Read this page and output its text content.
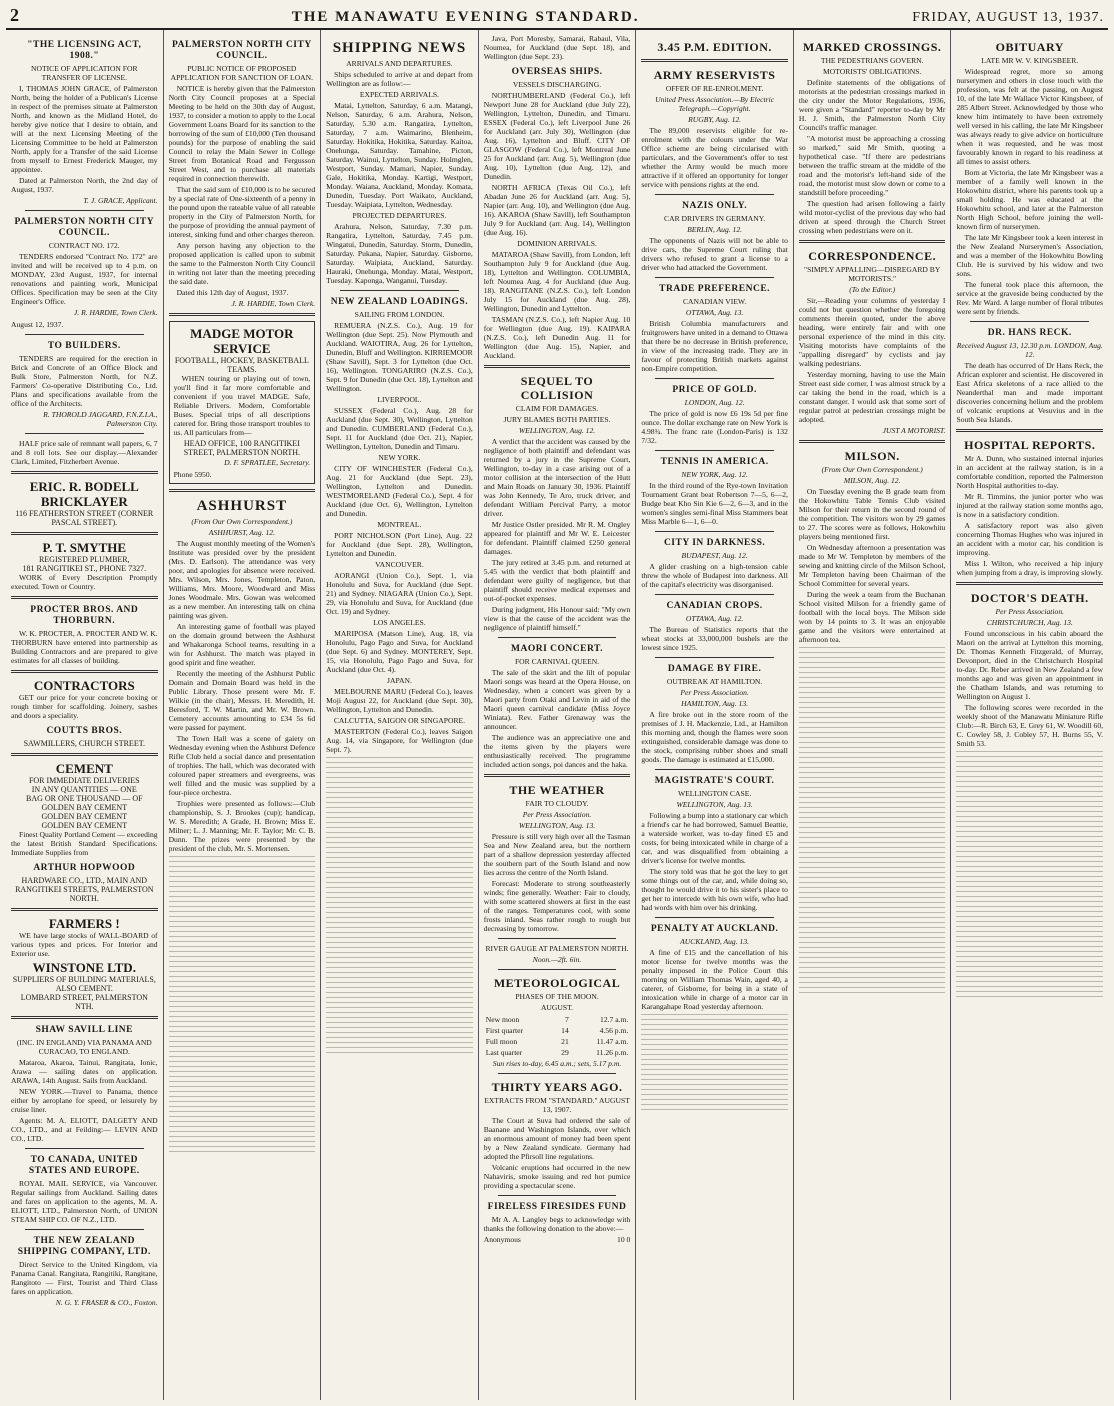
2	THE MANAWATU EVENING STANDARD.	FRIDAY, AUGUST 13, 1937.
"THE LICENSING ACT, 1908."
NOTICE OF APPLICATION FOR TRANSFER OF LICENSE.

I, THOMAS JOHN GRACE, of Palmerston North, being the holder of a Publican's License in respect of the premises situate at Palmerston North, and known as the Midland Hotel, do hereby give notice that I desire to obtain, and will at the next Licensing Meeting of the Licensing Committee to be held at Palmerston North, apply for a Transfer of the said License from myself to Ernest Frederick Mauger, my appointee.

Dated at Palmerston North, the 2nd day of August, 1937.

T. J. GRACE, Applicant.
PALMERSTON NORTH CITY COUNCIL.
CONTRACT NO. 172.

TENDERS endorsed "Contract No. 172" are invited and will be received up to 4 p.m. on MONDAY, 23rd August, 1937, for internal renovations and painting work, Municipal Offices. Specification may be seen at the City Engineer's Office.

J. R. HARDIE, Town Clerk.
August 12, 1937.
TO BUILDERS.

TENDERS are required for the erection in Brick and Concrete of an Office Block and Bulk Store, Palmerston North, for N.Z. Farmers' Co-operative Distributing Co., Ltd. Plans and specifications available from the office of the Architects.

R. THOROLD JAGGARD, F.N.Z.I.A., Palmerston City.

HALF price sale of remnant wall papers, 6, 7 and 8 roll lots. See our display.—Alexander Clark, Limited, Fitzherbert Avenue.

ERIC. R. BODELL
BRICKLAYER
116 FEATHERSTON STREET (CORNER PASCAL STREET).
P. T. SMYTHE
REGISTERED PLUMBER,
181 RANGITIKEI ST., PHONE 7327.

WORK of Every Description Promptly executed. Town or Country.

PROCTER BROS. AND THORBURN.

W. K. PROCTER, A. PROCTER AND W. K. THORBURN have entered into partnership as Building Contractors and are prepared to give estimates for all classes of building.

CONTRACTORS

GET our price for your concrete boxing or rough timber for scaffolding. Joinery, sashes and doors a speciality.

COUTTS BROS.
SAWMILLERS, CHURCH STREET.
CEMENT
FOR IMMEDIATE DELIVERIES
IN ANY QUANTITIES — ONE
BAG OR ONE THOUSAND — OF
GOLDEN BAY CEMENT
GOLDEN BAY CEMENT
GOLDEN BAY CEMENT

Finest Quality Portland Cement — exceeding the latest British Standard Specifications. Immediate Supplies from

ARTHUR HOPWOOD
HARDWARE CO., LTD., MAIN AND RANGITIKEI STREETS, PALMERSTON NORTH.
FARMERS !

WE have large stocks of WALL-BOARD of various types and prices. For Interior and Exterior use.

WINSTONE LTD.
SUPPLIERS OF BUILDING MATERIALS, ALSO CEMENT.
LOMBARD STREET, PALMERSTON NTH.
SHAW SAVILL LINE
(INC. IN ENGLAND) VIA PANAMA AND CURACAO, TO ENGLAND.

Mataroa, Akaroa, Tainui, Rangitata, Ionic, Arawa — sailing dates on application. ARAWA, 14th August. Sails from Auckland.

NEW YORK.—Travel to Panama, thence either by aeroplane for speed, or leisurely by cruise liner.

Agents: M. A. ELIOTT, DALGETY AND CO., LTD., and at Feilding:— LEVIN AND CO., LTD.

TO CANADA, UNITED STATES AND EUROPE.

ROYAL MAIL SERVICE, via Vancouver. Regular sailings from Auckland. Sailing dates and fares on application to the agents, M. A. ELIOTT, LTD., Palmerston North, of UNION STEAM SHIP CO. OF N.Z., LTD.

THE NEW ZEALAND SHIPPING COMPANY, LTD.

Direct Service to the United Kingdom, via Panama Canal. Rangitata, Rangitiki, Rangitane, Rangitoto — First, Tourist and Third Class fares on application.

N. G. Y. FRASER & CO., Foxton.
PALMERSTON NORTH CITY COUNCIL.
PUBLIC NOTICE OF PROPOSED APPLICATION FOR SANCTION OF LOAN.

NOTICE is hereby given that the Palmerston North City Council proposes at a Special Meeting to be held on the 30th day of August, 1937, to consider a motion to apply to the Local Government Loans Board for its sanction to the borrowing of the sum of £10,000 (Ten thousand pounds) for the purpose of enabling the said Council to relay the Main Sewer in College Street from Botanical Road and Fergusson Street West, and to purchase all materials required in connection therewith.

That the said sum of £10,000 is to be secured by a special rate of One-sixteenth of a penny in the pound upon the rateable value of all rateable property in the City of Palmerston North, for the purpose of providing the annual payment of interest, sinking fund and other charges thereon.

Any person having any objection to the proposed application is called upon to submit the same to the Palmerston North City Council in writing not later than the meeting preceding the said date.

Dated this 12th day of August, 1937.

J. R. HARDIE, Town Clerk.
MADGE MOTOR SERVICE
FOOTBALL, HOCKEY, BASKETBALL TEAMS.

WHEN touring or playing out of town, you'll find it far more comfortable and convenient if you travel MADGE. Safe, Reliable Drivers. Modern, Comfortable Buses. Special trips of all descriptions catered for. Bring those transport troubles to us. All particulars from—

HEAD OFFICE, 100 RANGITIKEI STREET, PALMERSTON NORTH.
D. F. SPRATLEE, Secretary.
Phone 5950.
ASHHURST
(From Our Own Correspondent.)
ASHHURST, Aug. 12.

The August monthly meeting of the Women's Institute was presided over by the president (Mrs. D. Earlson). The attendance was very poor, and apologies for absence were received. Mrs. Wilson, Mrs. Jones, Templeton, Paton, Williams, Mrs. Moore, Woodward and Miss Jones Woodmale. Mrs. Gowan was welcomed as a new member. An interesting talk on china painting was given.

An interesting game of football was played on the domain ground between the Ashhurst and Whakaronga School teams, resulting in a win for Ashhurst. The match was played in good spirit and fine weather.

Recently the meeting of the Ashhurst Public Domain and Domain Board was held in the Public Library. Those present were Mr. F. Wilkie (in the chair), Messrs. H. Meredith, H. Beresford, T. W. Martin, and Mr. W. Brown. Cemetery accounts amounting to £34 5s 6d were passed for payment.

The Town Hall was a scene of gaiety on Wednesday evening when the Ashhurst Defence Rifle Club held a social dance and presentation of trophies. The hall, which was decorated with coloured paper streamers and evergreens, was well filled and the music was supplied by a four-piece orchestra.

Trophies were presented as follows:—Club championship, S. J. Brookes (cup); handicap, W. S. Meredith; A Grade, H. Brown; Miss E. Milner; L. J. Manning; Mr. F. Taylor; Mr. C. B. Dunn. The prizes were presented by the president of the club, Mr. S. Mortensen.

SHIPPING NEWS
ARRIVALS AND DEPARTURES.

Ships scheduled to arrive at and depart from Wellington are as follow:—

EXPECTED ARRIVALS.

Matai, Lyttelton, Saturday, 6 a.m. Matangi, Nelson, Saturday, 6 a.m. Arahura, Nelson, Saturday, 5.30 a.m. Rangatira, Lyttelton, Saturday, 7 a.m. Waimarino, Blenheim, Saturday. Hokitika, Hokitika, Saturday. Kaitoa, Onehunga, Saturday. Tamahine, Picton, Saturday. Wainui, Lyttelton, Sunday. Holmglen, Westport, Sunday. Mamari, Napier, Sunday. Gale, Hokitika, Monday. Kartigi, Westport, Monday. Waiana, Auckland, Monday. Komata, Dunedin, Tuesday. Port Waikato, Auckland, Tuesday. Waipiata, Lyttelton, Wednesday.

PROJECTED DEPARTURES.

Arahura, Nelson, Saturday, 7.30 p.m. Rangatira, Lyttelton, Saturday, 7.45 p.m. Wingatui, Dunedin, Saturday. Storm, Dunedin, Saturday. Pukana, Napier, Saturday. Gisborne, Saturday. Waipiata, Auckland, Saturday. Hauraki, Onehunga, Monday. Matai, Westport, Tuesday. Kaponga, Wanganui, Tuesday.

NEW ZEALAND LOADINGS.
SAILING FROM LONDON.

REMUERA (N.Z.S. Co.), Aug. 19 for Wellington (due Sept. 25). Now Plymouth and Auckland. WAIOTIRA, Aug. 26 for Lyttelton, Dunedin, Bluff and Wellington. KIRRIEMOOR (Shaw Savill), Sept. 3 for Lyttelton (due Oct. 16), Wellington. TONGARIRO (N.Z.S. Co.), Sept. 9 for Dunedin (due Oct. 18), Lyttelton and Wellington.

LIVERPOOL.

SUSSEX (Federal Co.), Aug. 28 for Auckland (due Sept. 30), Wellington, Lyttelton and Dunedin. CUMBERLAND (Federal Co.), Sept. 11 for Auckland (due Oct. 21), Napier, Wellington, Lyttelton, Dunedin and Timaru.

NEW YORK.

CITY OF WINCHESTER (Federal Co.), Aug. 21 for Auckland (due Sept. 23), Wellington, Lyttelton and Dunedin. WESTMORELAND (Federal Co.), Sept. 4 for Auckland (due Oct. 6), Wellington, Lyttelton and Dunedin.

MONTREAL.

PORT NICHOLSON (Port Line), Aug. 22 for Auckland (due Sept. 28), Wellington, Lyttelton and Dunedin.

VANCOUVER.

AORANGI (Union Co.), Sept. 1, via Honolulu and Suva, for Auckland (due Sept. 21) and Sydney. NIAGARA (Union Co.), Sept. 29, via Honolulu and Suva, for Auckland (due Oct. 19) and Sydney.

LOS ANGELES.

MARIPOSA (Matson Line), Aug. 18, via Honolulu, Pago Pago and Suva, for Auckland (due Sept. 6) and Sydney. MONTEREY, Sept. 15, via Honolulu, Pago Pago and Suva, for Auckland (due Oct. 4).

JAPAN.

MELBOURNE MARU (Federal Co.), leaves Moji August 22, for Auckland (due Sept. 30), Wellington, Lyttelton and Dunedin.

CALCUTTA, SAIGON OR SINGAPORE.

MASTERTON (Federal Co.), leaves Saigon Aug. 14, via Singapore, for Wellington (due Sept. 7).

Java, Port Moresby, Samarai, Rabaul, Vila, Noumea, for Auckland (due Sept. 18), and Wellington (due Sept. 23).

OVERSEAS SHIPS.
VESSELS DISCHARGING.

NORTHUMBERLAND (Federal Co.), left Newport June 28 for Auckland (due July 22), Wellington, Lyttelton, Dunedin, and Timaru. ESSEX (Federal Co.), left Liverpool June 26 for Auckland (arr. July 30), Wellington (due Aug. 16), Lyttelton and Bluff. CITY OF GLASGOW (Federal Co.), left Montreal June 25 for Auckland (arr. Aug. 5), Wellington (due Aug. 10), Lyttelton (due Aug. 12), and Dunedin.

NORTH AFRICA (Texas Oil Co.), left Abadan June 26 for Auckland (arr. Aug. 5), Napier (arr. Aug. 10), and Wellington (due Aug. 16). AKAROA (Shaw Savill), left Southampton July 9 for Auckland (arr. Aug. 14), Wellington (due Aug. 16).

DOMINION ARRIVALS.

MATAROA (Shaw Savill), from London, left Southampton July 9 for Auckland (due Aug. 18), Lyttelton and Wellington. COLUMBIA, left Noumea Aug. 4 for Auckland (due Aug. 18). RANGITANE (N.Z.S. Co.), left London July 15 for Auckland (due Aug. 28), Wellington, Dunedin and Lyttelton.

TASMAN (N.Z.S. Co.), left Napier Aug. 10 for Wellington (due Aug. 19). KAIPARA (N.Z.S. Co.), left Dunedin Aug. 11 for Wellington (due Aug. 15), Napier, and Auckland.

SEQUEL TO COLLISION
CLAIM FOR DAMAGES.
JURY BLAMES BOTH PARTIES.
WELLINGTON, Aug. 12.

A verdict that the accident was caused by the negligence of both plaintiff and defendant was returned by a jury in the Supreme Court, Wellington, to-day in a case arising out of a motor collision at the intersection of the Hutt and Main Roads on January 30, 1936. Plaintiff was John Kennedy, Te Aro, truck driver, and defendant William Percival Parry, a motor driver.

Mr Justice Ostler presided. Mr R. M. Ongley appeared for plaintiff and Mr W. E. Leicester for defendant. Plaintiff claimed £250 general damages.

The jury retired at 3.45 p.m. and returned at 5.45 with the verdict that both plaintiff and defendant were guilty of negligence, but that plaintiff should receive medical expenses and out-of-pocket expenses.

During judgment, His Honour said: "My own view is that the cause of the accident was the negligence of plaintiff himself."

MAORI CONCERT.
FOR CARNIVAL QUEEN.

The sale of the skirt and the lilt of popular Maori songs was heard at the Opera House, on Wednesday, when a concert was given by a Maori party from Otaki and Levin in aid of the Maori queen carnival candidate (Miss Joyce Winiata). Rev. Father Grenaway was the announcer.

The audience was an appreciative one and the items given by the players were enthusiastically received. The programme included action songs, poi dances and the haka.

THE WEATHER
FAIR TO CLOUDY.
Per Press Association.
WELLINGTON, Aug. 13.

Pressure is still very high over all the Tasman Sea and New Zealand area, but the northern part of a shallow depression yesterday affected the southern part of the South Island and now lies across the centre of the North Island.

Forecast: Moderate to strong southeasterly winds; fine generally. Weather: Fair to cloudy, with some scattered showers at first in the east of the ranges. Temperatures cool, with some frosts inland. Seas rather rough to rough but decreasing by tomorrow.

RIVER GAUGE AT PALMERSTON NORTH.
Noon.—2ft. 6in.
METEOROLOGICAL
PHASES OF THE MOON.
AUGUST.
New moon	7	12.7 a.m.
First quarter	14	4.56 p.m.
Full moon	21	11.47 a.m.
Last quarter	29	11.26 p.m.
Sun rises to-day, 6.45 a.m.; sets, 5.17 p.m.
THIRTY YEARS AGO.
EXTRACTS FROM "STANDARD." AUGUST 13, 1907.

The Court at Suva had ordered the sale of Baanane and Washington Islands, over which an enormous amount of money had been spent by a New Zealand syndicate. Germany had adopted the Pfirsoll line regulations.

Volcanic eruptions had occurred in the new Nahaviris, smoke issuing and red hot pumice providing a spectacular scene.

FIRELESS FIRESIDES FUND

Mr A. A. Langley begs to acknowledge with thanks the following donation to the above:—

Anonymous	10 0
3.45 P.M. EDITION.
ARMY RESERVISTS
OFFER OF RE-ENROLMENT.
United Press Association.—By Electric Telegraph.—Copyright.
RUGBY, Aug. 12.

The 89,000 reservists eligible for re-enrolment with the colours under the War Office scheme are being circularised with particulars, and the Government's offer to test whether the Army would be much more attractive if it offered an opportunity for longer service with pensions rights at the end.

NAZIS ONLY.
CAR DRIVERS IN GERMANY.
BERLIN, Aug. 12.

The opponents of Nazis will not be able to drive cars, the Supreme Court ruling that drivers who refused to grant a license to a driver who had attacked the Government.

TRADE PREFERENCE.
CANADIAN VIEW.
OTTAWA, Aug. 13.

British Columbia manufacturers and fruitgrowers have united in a demand to Ottawa that there be no decrease in British preference, in view of the increasing trade. They are in favour of protecting British markets against non-Empire competition.

PRICE OF GOLD.
LONDON, Aug. 12.

The price of gold is now £6 19s 5d per fine ounce. The dollar exchange rate on New York is 4.98¾. The franc rate (London-Paris) is 132 7/32.

TENNIS IN AMERICA.
NEW YORK, Aug. 12.

In the third round of the Rye-town Invitation Tournament Grant beat Robertson 7—5, 6—2, Budge beat Kho Sin Kie 6—2, 6—3, and in the women's singles semi-final Miss Stammers beat Miss Marble 6—1, 6—0.

CITY IN DARKNESS.
BUDAPEST, Aug. 12.

A glider crashing on a high-tension cable threw the whole of Budapest into darkness. All of the capital's electricity was disorganised.

CANADIAN CROPS.
OTTAWA, Aug. 12.

The Bureau of Statistics reports that the wheat stocks at 33,000,000 bushels are the lowest since 1925.

DAMAGE BY FIRE.
OUTBREAK AT HAMILTON.
Per Press Association.
HAMILTON, Aug. 13.

A fire broke out in the store room of the premises of J. H. Mackenzie, Ltd., at Hamilton this morning and, though the flames were soon extinguished, considerable damage was done to the stock, comprising rubber shoes and small goods. The damage is estimated at £15,000.

MAGISTRATE'S COURT.
WELLINGTON CASE.
WELLINGTON, Aug. 13.

Following a bump into a stationary car which a friend's car he had borrowed, Samuel Beattie, a waterside worker, was to-day fined £5 and costs, for being intoxicated while in charge of a car, and was disqualified from obtaining a driver's license for twelve months.

The story told was that he got the key to get some things out of the car, and, while doing so, thought he would drive it to his sister's place to get her to intercede with his own wife, who had had words with him over his drinking.

PENALTY AT AUCKLAND.
AUCKLAND, Aug. 13.

A fine of £15 and the cancellation of his motor license for twelve months was the penalty imposed in the Police Court this morning on William Thomas Wain, aged 40, a caterer, of Gisborne, for being in a state of intoxication while in charge of a motor car in Karangahape Road yesterday afternoon.

MARKED CROSSINGS.
THE PEDESTRIANS GOVERN.
MOTORISTS' OBLIGATIONS.

Definite statements of the obligations of motorists at the pedestrian crossings marked in the city under the Motor Regulations, 1936, were given a "Standard" reporter to-day by Mr H. J. Smith, the Palmerston North City Council's traffic manager.

"A motorist must be approaching a crossing so marked," said Mr Smith, quoting a hypothetical case. "If there are pedestrians between the traffic stream at the middle of the road and the motorist's left-hand side of the road, the motorist must slow down or come to a standstill before proceeding."

The question had arisen following a fairly wild motor-cyclist of the previous day who had driven at speed through the Church Street crossing when pedestrians were on it.

CORRESPONDENCE.
"SIMPLY APPALLING—DISREGARD BY MOTORISTS."
(To the Editor.)

Sir,—Reading your columns of yesterday I could not but question whether the foregoing comments therein quoted, under the above heading, were entirely fair and with one personal experience of the mind in this city. Visiting motorists have complaints of the "appalling disregard" by cyclists and jay walking pedestrians.

Yesterday morning, having to use the Main Street east side corner, I was almost struck by a car taking the bend in the road, which is a constant danger. I would ask that some sort of regular patrol at pedestrian crossings might be adopted.

JUST A MOTORIST.
MILSON.
(From Our Own Correspondent.)
MILSON, Aug. 12.

On Tuesday evening the B grade team from the Hokowhitu Table Tennis Club visited Milson for their return in the second round of the competition. The visitors won by 29 games to 27. The scores were as follows, Hokowhitu players being mentioned first.

On Wednesday afternoon a presentation was made to Mr W. Templeton by members of the sewing and knitting circle of the Milson School, Mr Templeton having been Chairman of the School Committee for several years.

During the week a team from the Buchanan School visited Milson for a friendly game of football with the local boys. The Milson side won by 14 points to 3. It was an enjoyable game and the visitors were entertained at afternoon tea.

OBITUARY
LATE MR W. V. KINGSBEER.

Widespread regret, more so among nurserymen and others in close touch with the profession, was felt at the passing, on August 10, of the late Mr Wallace Victor Kingsbeer, of 285 Albert Street. Acknowledged by those who knew him intimately to have been extremely well versed in his calling, the late Mr Kingsbeer was always ready to give advice on horticulture when it was requested, and he was most favourably known in regard to his readiness at all times to assist others.

Born at Victoria, the late Mr Kingsbeer was a member of a family well known in the Hokowhitu district, where his parents took up a small holding. He was educated at the Hokowhitu school, and later at the Palmerston North High School, before joining the well-known firm of nurserymen.

The late Mr Kingsbeer took a keen interest in the New Zealand Nurserymen's Association, and was a member of the Hokowhitu Bowling Club. He is survived by his widow and two sons.

The funeral took place this afternoon, the service at the graveside being conducted by the Rev. Mr Ward. A large number of floral tributes were sent by friends.

DR. HANS RECK.
Received August 13, 12.30 p.m. LONDON, Aug. 12.

The death has occurred of Dr Hans Reck, the African explorer and scientist. He discovered in East Africa skeletons of a race allied to the Neanderthal man and made important discoveries concerning helium and the problem of volcanic eruptions at Vesuvius and in the South Sea Islands.

HOSPITAL REPORTS.

Mr A. Dunn, who sustained internal injuries in an accident at the railway station, is in a comfortable condition, reported the Palmerston North Hospital authorities to-day.

Mr R. Timmins, the junior porter who was injured at the railway station some months ago, is now in a satisfactory condition.

A satisfactory report was also given concerning Thomas Hughes who was injured in an accident with a motor car, his condition is improving.

Miss I. Wilton, who received a hip injury when jumping from a dray, is improving slowly.

DOCTOR'S DEATH.
Per Press Association.
CHRISTCHURCH, Aug. 13.

Found unconscious in his cabin aboard the Maori on the arrival at Lyttelton this morning, Dr. Thomas Kenneth Fitzgerald, of Murray, Devonport, died in the Christchurch Hospital to-day. Dr. Reber arrived in New Zealand a few months ago and was given an appointment in the Chatham Islands, and was returning to Wellington on August 1.

The following scores were recorded in the weekly shoot of the Manawatu Miniature Rifle Club:—R. Birch 63, E. Grey 61, W. Woodill 60, C. Cowley 58, J. Cobley 57, H. Burns 55, V. Smith 53.
